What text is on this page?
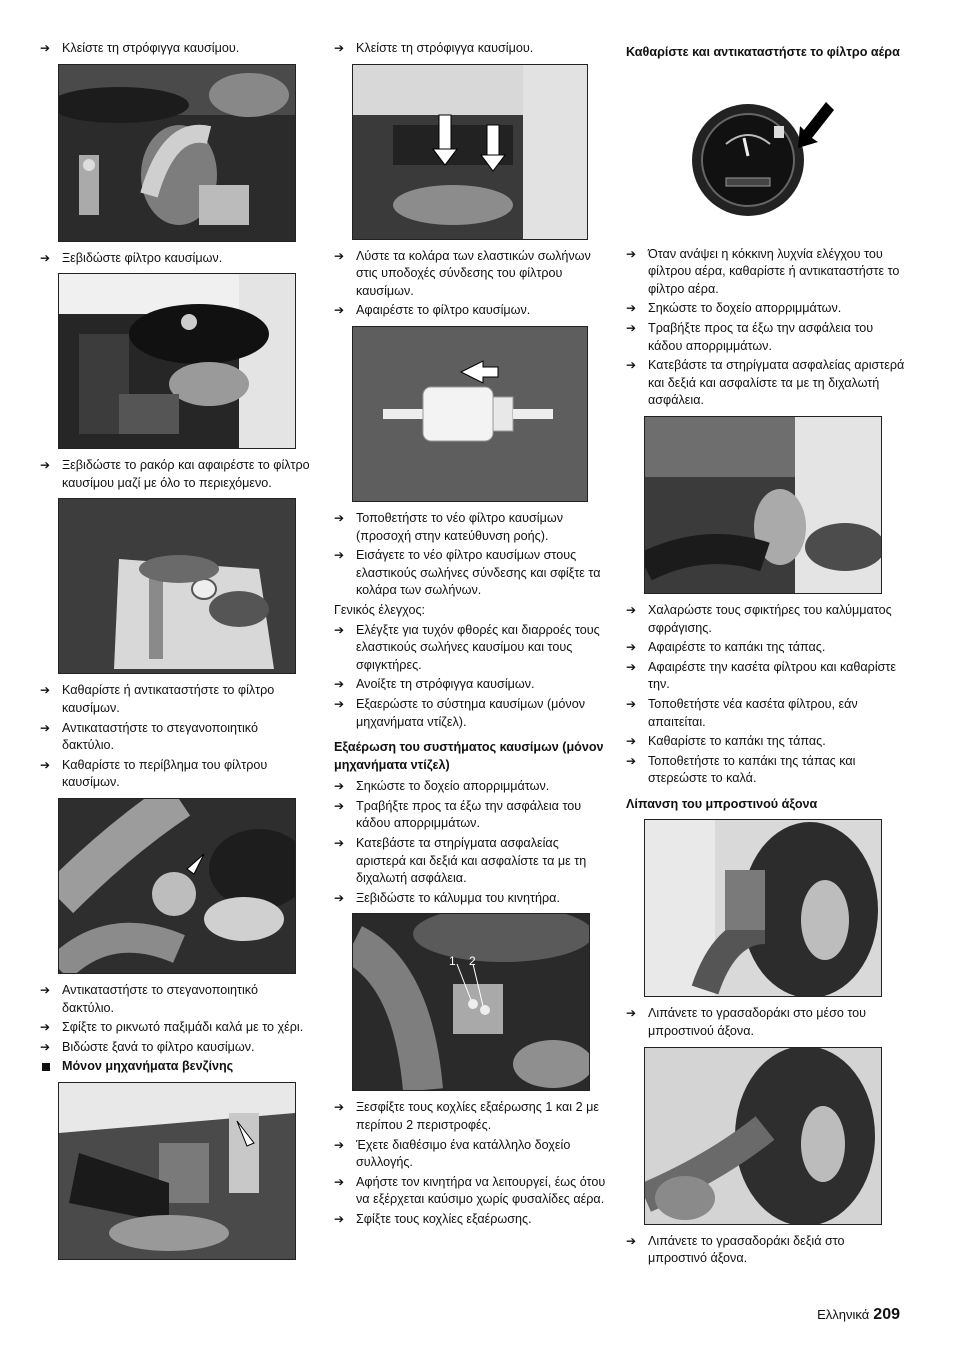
➔ Κλείστε τη στρόφιγγα καυσίμου.
➔ Ξεβιδώστε φίλτρο καυσίμων.
➔ Ξεβιδώστε το ρακόρ και αφαιρέστε το φίλτρο καυσίμου μαζί με όλο το περιεχόμενο.
➔ Καθαρίστε ή αντικαταστήστε το φίλτρο καυσίμων.
➔ Αντικαταστήστε το στεγανοποιητικό δακτύλιο.
➔ Καθαρίστε το περίβλημα του φίλτρου καυσίμων.
➔ Αντικαταστήστε το στεγανοποιητικό δακτύλιο.
➔ Σφίξτε το ρικνωτό παξιμάδι καλά με το χέρι.
➔ Βιδώστε ξανά το φίλτρο καυσίμων.
Μόνον μηχανήματα βενζίνης
➔ Κλείστε τη στρόφιγγα καυσίμου.
➔ Λύστε τα κολάρα των ελαστικών σωλήνων στις υποδοχές σύνδεσης του φίλτρου καυσίμων.
➔ Αφαιρέστε το φίλτρο καυσίμων.
➔ Τοποθετήστε το νέο φίλτρο καυσίμων (προσοχή στην κατεύθυνση ροής).
➔ Εισάγετε το νέο φίλτρο καυσίμων στους ελαστικούς σωλήνες σύνδεσης και σφίξτε τα κολάρα των σωλήνων.
Γενικός έλεγχος:
➔ Ελέγξτε για τυχόν φθορές και διαρροές τους ελαστικούς σωλήνες καυσίμου και τους σφιγκτήρες.
➔ Ανοίξτε τη στρόφιγγα καυσίμων.
➔ Εξαερώστε το σύστημα καυσίμων (μόνον μηχανήματα ντίζελ).
Εξαέρωση του συστήματος καυσίμων (μόνον μηχανήματα ντίζελ)
➔ Σηκώστε το δοχείο απορριμμάτων.
➔ Τραβήξτε προς τα έξω την ασφάλεια του κάδου απορριμμάτων.
➔ Κατεβάστε τα στηρίγματα ασφαλείας αριστερά και δεξιά και ασφαλίστε τα με τη διχαλωτή ασφάλεια.
➔ Ξεβιδώστε το κάλυμμα του κινητήρα.
1 2
➔ Ξεσφίξτε τους κοχλίες εξαέρωσης 1 και 2 με περίπου 2 περιστροφές.
➔ Έχετε διαθέσιμο ένα κατάλληλο δοχείο συλλογής.
➔ Αφήστε τον κινητήρα να λειτουργεί, έως ότου να εξέρχεται καύσιμο χωρίς φυσαλίδες αέρα.
➔ Σφίξτε τους κοχλίες εξαέρωσης.
Καθαρίστε και αντικαταστήστε το φίλτρο αέρα
➔ Όταν ανάψει η κόκκινη λυχνία ελέγχου του φίλτρου αέρα, καθαρίστε ή αντικαταστήστε το φίλτρο αέρα.
➔ Σηκώστε το δοχείο απορριμμάτων.
➔ Τραβήξτε προς τα έξω την ασφάλεια του κάδου απορριμμάτων.
➔ Κατεβάστε τα στηρίγματα ασφαλείας αριστερά και δεξιά και ασφαλίστε τα με τη διχαλωτή ασφάλεια.
➔ Χαλαρώστε τους σφικτήρες του καλύμματος σφράγισης.
➔ Αφαιρέστε το καπάκι της τάπας.
➔ Αφαιρέστε την κασέτα φίλτρου και καθαρίστε την.
➔ Τοποθετήστε νέα κασέτα φίλτρου, εάν απαιτείται.
➔ Καθαρίστε το καπάκι της τάπας.
➔ Τοποθετήστε το καπάκι της τάπας και στερεώστε το καλά.
Λίπανση του μπροστινού άξονα
➔ Λιπάνετε το γρασαδοράκι στο μέσο του μπροστινού άξονα.
➔ Λιπάνετε το γρασαδοράκι δεξιά στο μπροστινό άξονα.
Ελληνικά 209
